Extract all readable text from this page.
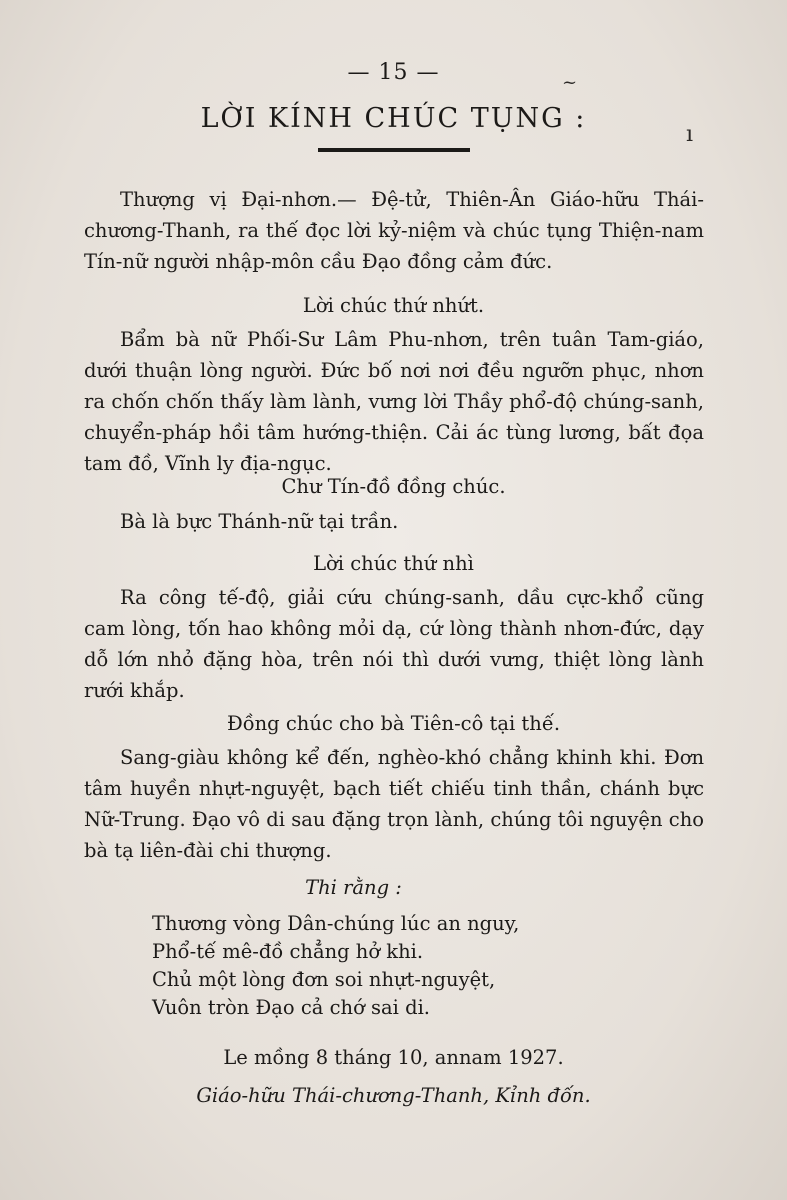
— 15 —
LỜI KÍNH CHÚC TỤNG :
~
ı
Thượng vị Đại-nhơn.— Đệ-tử, Thiên-Ân Giáo-hữu Thái-chương-Thanh, ra thế đọc lời kỷ-niệm và chúc tụng Thiện-nam Tín-nữ người nhập-môn cầu Đạo đồng cảm đức.
Lời chúc thứ nhứt.
Bẩm bà nữ Phối-Sư Lâm Phu-nhơn, trên tuân Tam-giáo, dưới thuận lòng người. Đức bố nơi nơi đều ngưỡn phục, nhơn ra chốn chốn thấy làm lành, vưng lời Thầy phổ-độ chúng-sanh, chuyển-pháp hồi tâm hướng-thiện. Cải ác tùng lương, bất đọa tam đồ, Vĩnh ly địa-ngục.
Chư Tín-đồ đồng chúc.
Bà là bực Thánh-nữ tại trần.
Lời chúc thứ nhì
Ra công tế-độ, giải cứu chúng-sanh, dầu cực-khổ cũng cam lòng, tốn hao không mỏi dạ, cứ lòng thành nhơn-đức, dạy dỗ lớn nhỏ đặng hòa, trên nói thì dưới vưng, thiệt lòng lành rưới khắp.
Đồng chúc cho bà Tiên-cô tại thế.
Sang-giàu không kể đến, nghèo-khó chẳng khinh khi. Đơn tâm huyền nhựt-nguyệt, bạch tiết chiếu tinh thần, chánh bực Nữ-Trung. Đạo vô di sau đặng trọn lành, chúng tôi nguyện cho bà tạ liên-đài chi thượng.
Thi rằng :
Thương vòng Dân-chúng lúc an nguy,
Phổ-tế mê-đồ chẳng hở khi.
Chủ một lòng đơn soi nhựt-nguyệt,
Vuôn tròn Đạo cả chớ sai di.
Le mồng 8 tháng 10, annam 1927.
Giáo-hữu Thái-chương-Thanh, Kỉnh đốn.
